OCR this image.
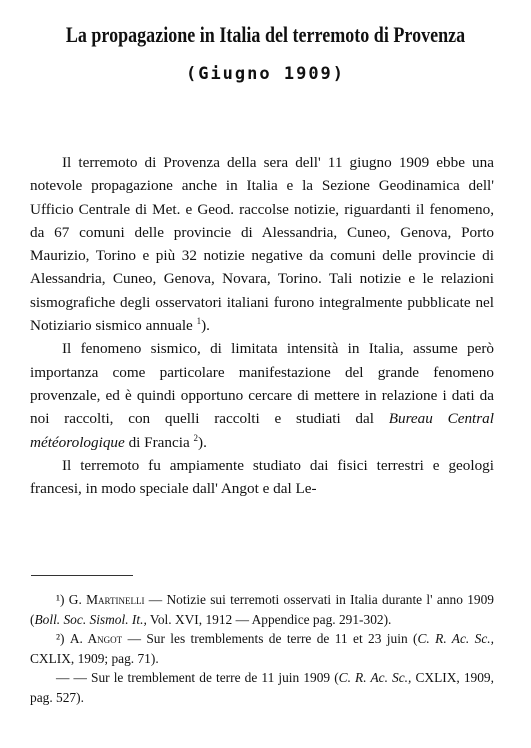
La propagazione in Italia del terremoto di Provenza
(Giugno 1909)

Il terremoto di Provenza della sera dell' 11 giugno 1909 ebbe una notevole propagazione anche in Italia e la Sezione Geodinamica dell' Ufficio Centrale di Met. e Geod. raccolse notizie, riguardanti il fenomeno, da 67 comuni delle provincie di Alessandria, Cuneo, Genova, Porto Maurizio, Torino e più 32 notizie negative da comuni delle provincie di Alessandria, Cuneo, Genova, Novara, Torino. Tali notizie e le relazioni sismografiche degli osservatori italiani furono integralmente pubblicate nel Notiziario sismico annuale $^1$).

Il fenomeno sismico, di limitata intensità in Italia, assume però importanza come particolare manifestazione del grande fenomeno provenzale, ed è quindi opportuno cercare di mettere in relazione i dati da noi raccolti, con quelli raccolti e studiati dal Bureau Central météorologique di Francia $^2$).

Il terremoto fu ampiamente studiato dai fisici terrestri e geologi francesi, in modo speciale dall' Angot e dal Le-

¹) G. Martinelli — Notizie sui terremoti osservati in Italia durante l' anno 1909 (Boll. Soc. Sismol. It., Vol. XVI, 1912 — Appendice pag. 291-302).

²) A. Angot — Sur les tremblements de terre de 11 et 23 juin (C. R. Ac. Sc., CXLIX, 1909; pag. 71).

— — Sur le tremblement de terre de 11 juin 1909 (C. R. Ac. Sc., CXLIX, 1909, pag. 527).
